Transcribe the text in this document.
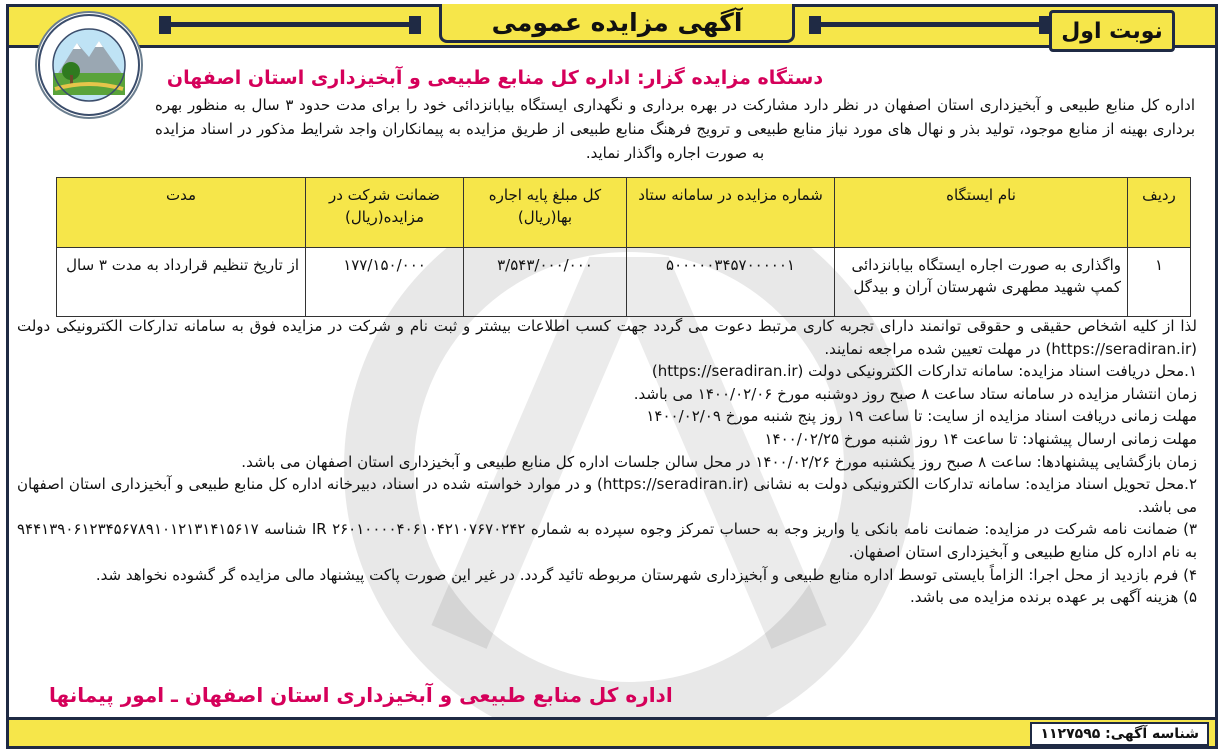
آگهی مزایده عمومی	نوبت اول
دستگاه مزایده گزار: اداره کل منابع طبیعی و آبخیزداری استان اصفهان
اداره کل منابع طبیعی و آبخیزداری استان اصفهان در نظر دارد مشارکت در بهره برداری و نگهداری ایستگاه بیابانزدائی خود را برای مدت حدود ۳ سال به منظور بهره برداری بهینه از منابع موجود، تولید بذر و نهال های مورد نیاز منابع طبیعی و ترویج فرهنگ منابع طبیعی از طریق مزایده به پیمانکاران واجد شرایط مذکور در اسناد مزایده به صورت اجاره واگذار نماید.
ردیف	نام ایستگاه	شماره مزایده در سامانه ستاد	کل مبلغ پایه اجاره بها(ریال)	ضمانت شرکت در مزایده(ریال)	مدت
۱	واگذاری به صورت اجاره ایستگاه بیابانزدائی کمپ شهید مطهری شهرستان آران و بیدگل	۵۰۰۰۰۰۳۴۵۷۰۰۰۰۰۱	۳/۵۴۳/۰۰۰/۰۰۰	۱۷۷/۱۵۰/۰۰۰	از تاریخ تنظیم قرارداد به مدت ۳ سال

لذا از کلیه اشخاص حقیقی و حقوقی توانمند دارای تجربه کاری مرتبط دعوت می گردد جهت کسب اطلاعات بیشتر و ثبت نام و شرکت در مزایده فوق به سامانه تدارکات الکترونیکی دولت (https://seradiran.ir) در مهلت تعیین شده مراجعه نمایند.

۱.محل دریافت اسناد مزایده: سامانه تدارکات الکترونیکی دولت (https://seradiran.ir)

زمان انتشار مزایده در سامانه ستاد ساعت ۸ صبح روز دوشنبه مورخ ۱۴۰۰/۰۲/۰۶ می باشد.

مهلت زمانی دریافت اسناد مزایده از سایت: تا ساعت ۱۹ روز پنج شنبه مورخ ۱۴۰۰/۰۲/۰۹

مهلت زمانی ارسال پیشنهاد: تا ساعت ۱۴ روز شنبه مورخ ۱۴۰۰/۰۲/۲۵

زمان بازگشایی پیشنهادها: ساعت ۸ صبح روز یکشنبه مورخ ۱۴۰۰/۰۲/۲۶ در محل سالن جلسات اداره کل منابع طبیعی و آبخیزداری استان اصفهان می باشد.

۲.محل تحویل اسناد مزایده: سامانه تدارکات الکترونیکی دولت به نشانی (https://seradiran.ir) و در موارد خواسته شده در اسناد، دبیرخانه اداره کل منابع طبیعی و آبخیزداری استان اصفهان می باشد.

۳) ضمانت نامه شرکت در مزایده: ضمانت نامه بانکی یا واریز وجه به حساب تمرکز وجوه سپرده به شماره IR ۲۶۰۱۰۰۰۰۴۰۶۱۰۴۲۱۰۷۶۷۰۲۴۲ شناسه ۹۴۴۱۳۹۰۶۱۲۳۴۵۶۷۸۹۱۰۱۲۱۳۱۴۱۵۶۱۷ به نام اداره کل منابع طبیعی و آبخیزداری استان اصفهان.

۴) فرم بازدید از محل اجرا: الزاماً بایستی توسط اداره منابع طبیعی و آبخیزداری شهرستان مربوطه تائید گردد. در غیر این صورت پاکت پیشنهاد مالی مزایده گر گشوده نخواهد شد.

۵) هزینه آگهی بر عهده برنده مزایده می باشد.

اداره کل منابع طبیعی و آبخیزداری استان اصفهان ـ امور پیمانها
شناسه آگهی: ۱۱۲۷۵۹۵
